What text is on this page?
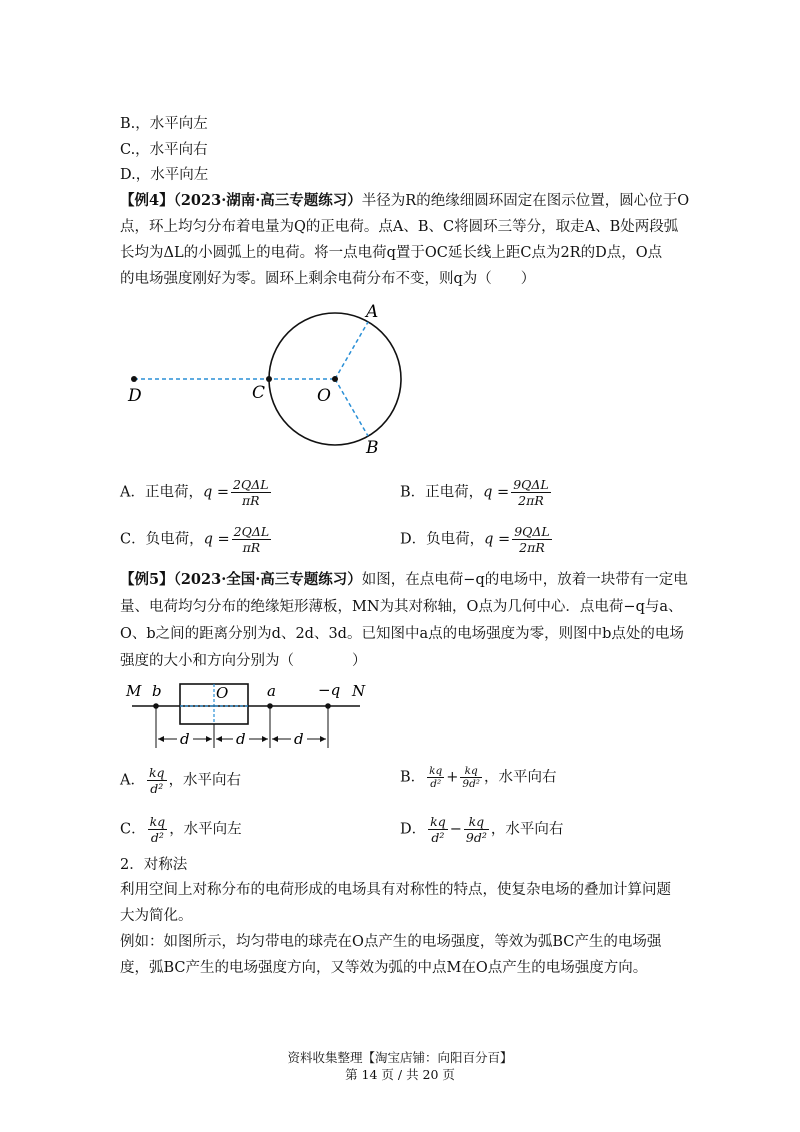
B.，水平向左
C.，水平向右
D.，水平向左
【例4】（2023·湖南·高三专题练习）半径为R的绝缘细圆环固定在图示位置，圆心位于O
点，环上均匀分布着电量为Q的正电荷。点A、B、C将圆环三等分，取走A、B处两段弧
长均为ΔL的小圆弧上的电荷。将一点电荷q置于OC延长线上距C点为2R的D点，O点
的电场强度刚好为零。圆环上剩余电荷分布不变，则q为（　　）
A
B
C	O
D
A．正电荷，$q = \frac{\text{2QΔL}}{\pi R}$	B．正电荷，$q = \frac{\text{9QΔL}}{2\pi R}$
C．负电荷，$q = \frac{\text{2QΔL}}{\pi R}$	D．负电荷，$q = \frac{\text{9QΔL}}{2\pi R}$
【例5】（2023·全国·高三专题练习）如图，在点电荷−q的电场中，放着一块带有一定电
量、电荷均匀分布的绝缘矩形薄板，MN为其对称轴，O点为几何中心．点电荷−q与a、
O、b之间的距离分别为d、2d、3d。已知图中a点的电场强度为零，则图中b点处的电场
强度的大小和方向分别为（　　　　）
d	d	d
M b	O	a	−q N
A． $\frac{kq}{\text{d²}}$ ，水平向右	B． $\frac{kq}{\text{d²}} + \frac{kq}{\text{9d²}}$ ，水平向右
C． $\frac{kq}{\text{d²}}$ ，水平向左	D． $\frac{kq}{\text{d²}} - \frac{kq}{\text{9d²}}$ ，水平向右
2．对称法
利用空间上对称分布的电荷形成的电场具有对称性的特点，使复杂电场的叠加计算问题大为简化。
例如：如图所示，均匀带电的球壳在O点产生的电场强度，等效为弧BC产生的电场强度，弧BC产生的电场强度方向，又等效为弧的中点M在O点产生的电场强度方向。
资料收集整理【淘宝店铺：向阳百分百】
第 14 页 / 共 20 页
